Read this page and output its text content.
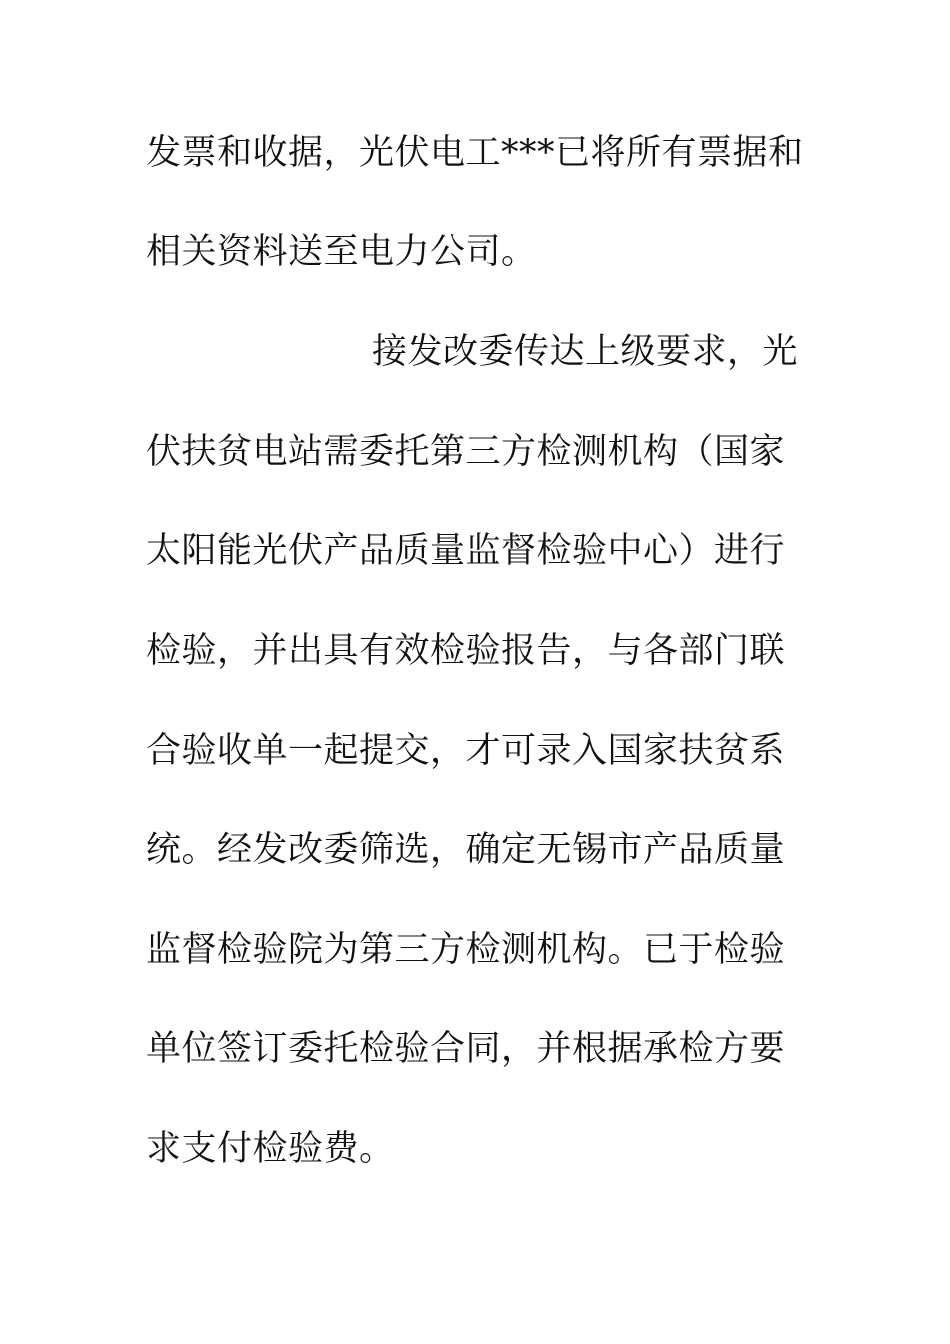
发票和收据，光伏电工***已将所有票据和
相关资料送至电力公司。
接发改委传达上级要求，光
伏扶贫电站需委托第三方检测机构（国家
太阳能光伏产品质量监督检验中心）进行
检验，并出具有效检验报告，与各部门联
合验收单一起提交，才可录入国家扶贫系
统。经发改委筛选，确定无锡市产品质量
监督检验院为第三方检测机构。已于检验
单位签订委托检验合同，并根据承检方要
求支付检验费。
